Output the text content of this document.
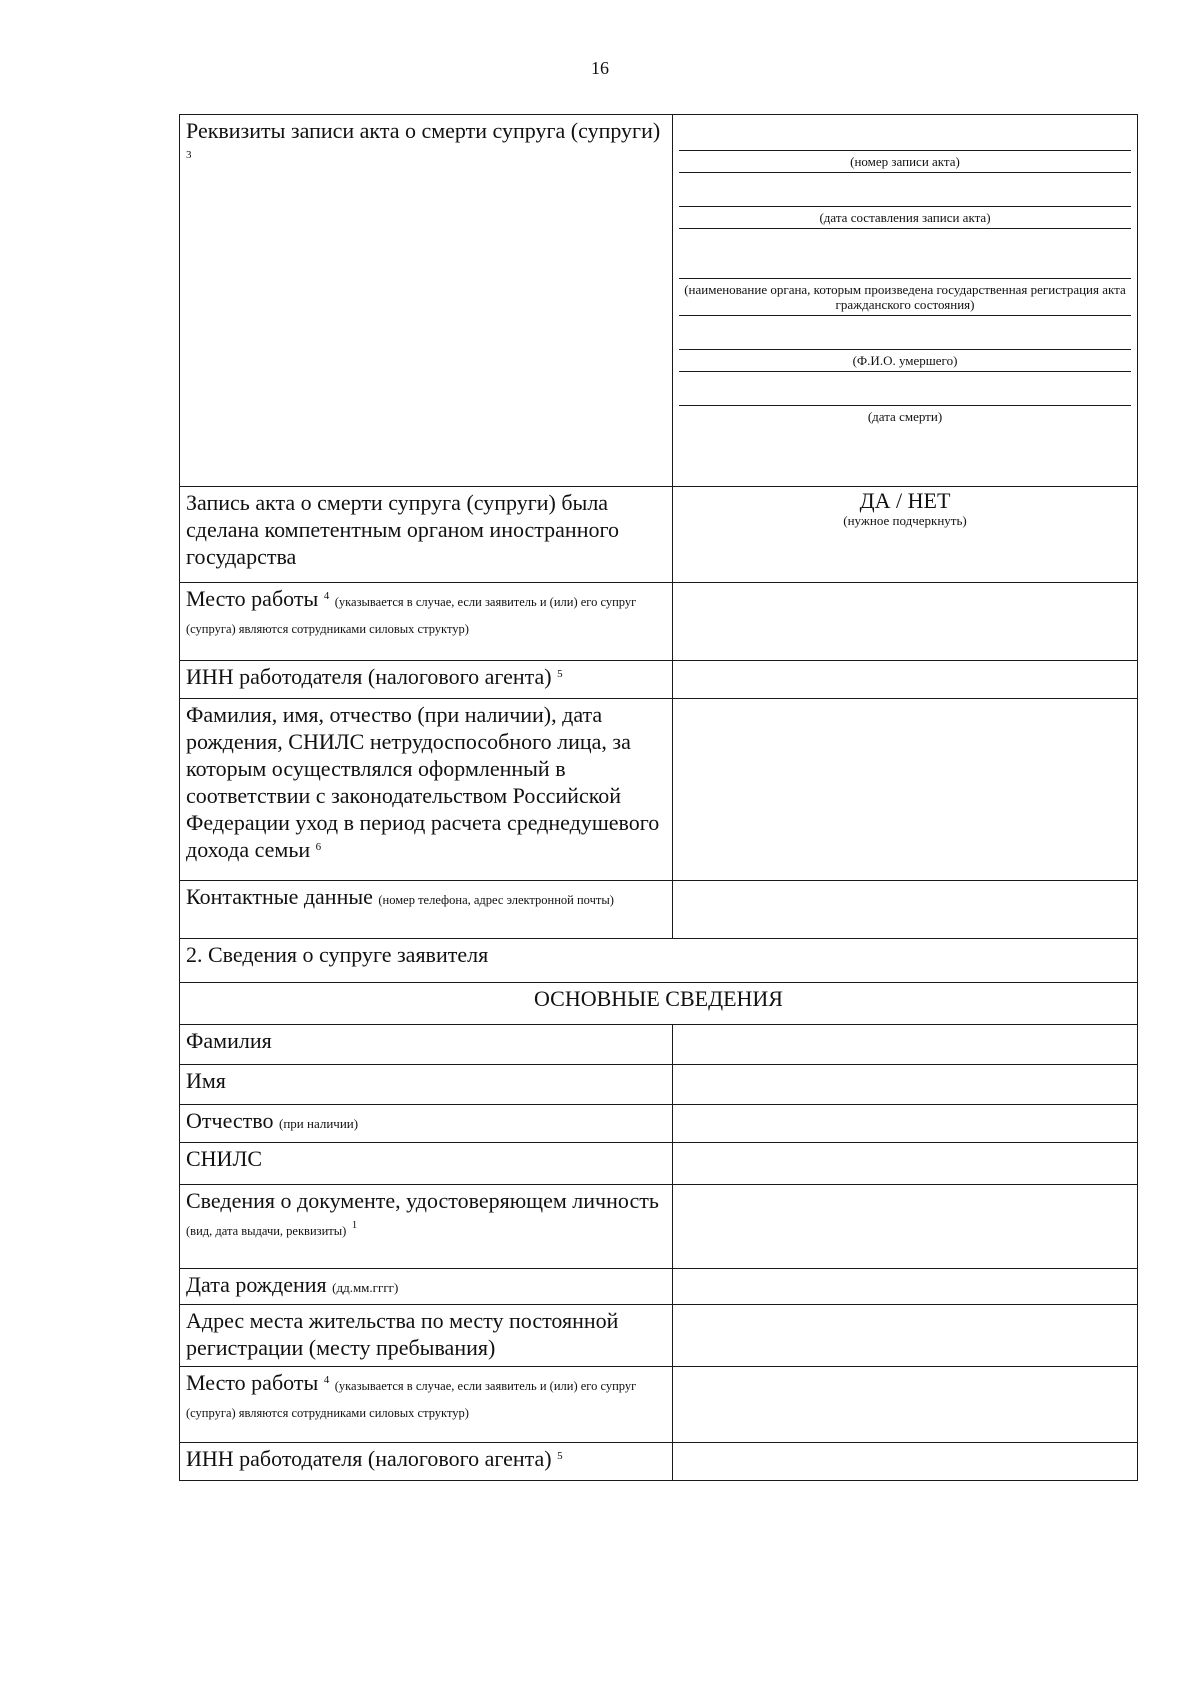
16
Реквизиты записи акта о смерти супруга (супруги) $^3$	(номер записи акта)
(дата составления записи акта)
(наименование органа, которым произведена государственная регистрация акта гражданского состояния)
(Ф.И.О. умершего)
(дата смерти)

Запись акта о смерти супруга (супруги) была сделана компетентным органом иностранного государства	ДА / НЕТ
(нужное подчеркнуть)

Место работы $^4$ (указывается в случае, если заявитель и (или) его супруг (супруга) являются сотрудниками силовых структур)	
ИНН работодателя (налогового агента) $^5$	
Фамилия, имя, отчество (при наличии), дата рождения, СНИЛС нетрудоспособного лица, за которым осуществлялся оформленный в соответствии с законодательством Российской Федерации уход в период расчета среднедушевого дохода семьи $^6$	
Контактные данные (номер телефона, адрес электронной почты)	
2. Сведения о супруге заявителя	
ОСНОВНЫЕ СВЕДЕНИЯ	
Фамилия	
Имя	
Отчество (при наличии)	
СНИЛС	
Сведения о документе, удостоверяющем личность
(вид, дата выдачи, реквизиты) $^1$	
Дата рождения (дд.мм.гггг)	
Адрес места жительства по месту постоянной регистрации (месту пребывания)	
Место работы $^4$ (указывается в случае, если заявитель и (или) его супруг (супруга) являются сотрудниками силовых структур)	
ИНН работодателя (налогового агента) $^5$	
